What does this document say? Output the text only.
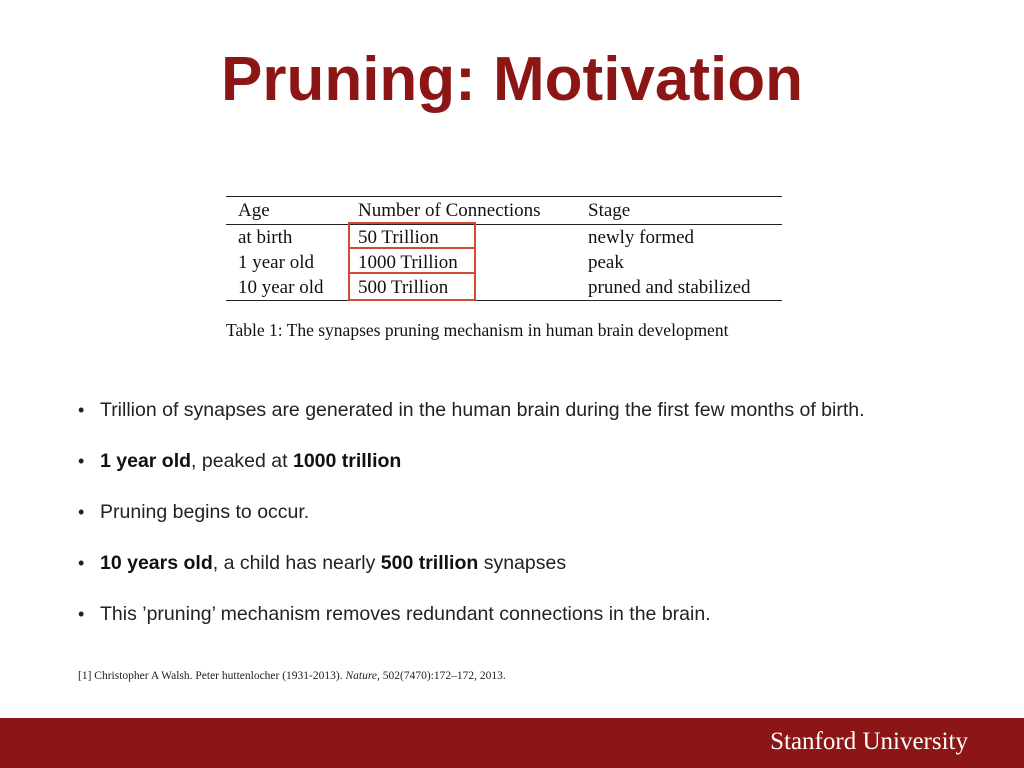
Pruning: Motivation
Age	Number of Connections	Stage
at birth	50 Trillion	newly formed
1 year old	1000 Trillion	peak
10 year old	500 Trillion	pruned and stabilized
Table 1: The synapses pruning mechanism in human brain development
• Trillion of synapses are generated in the human brain during the first few months of birth.
• 1 year old, peaked at 1000 trillion
• Pruning begins to occur.
• 10 years old, a child has nearly 500 trillion synapses
• This ’pruning’ mechanism removes redundant connections in the brain.
[1] Christopher A Walsh. Peter huttenlocher (1931-2013). Nature, 502(7470):172–172, 2013.
Stanford University
